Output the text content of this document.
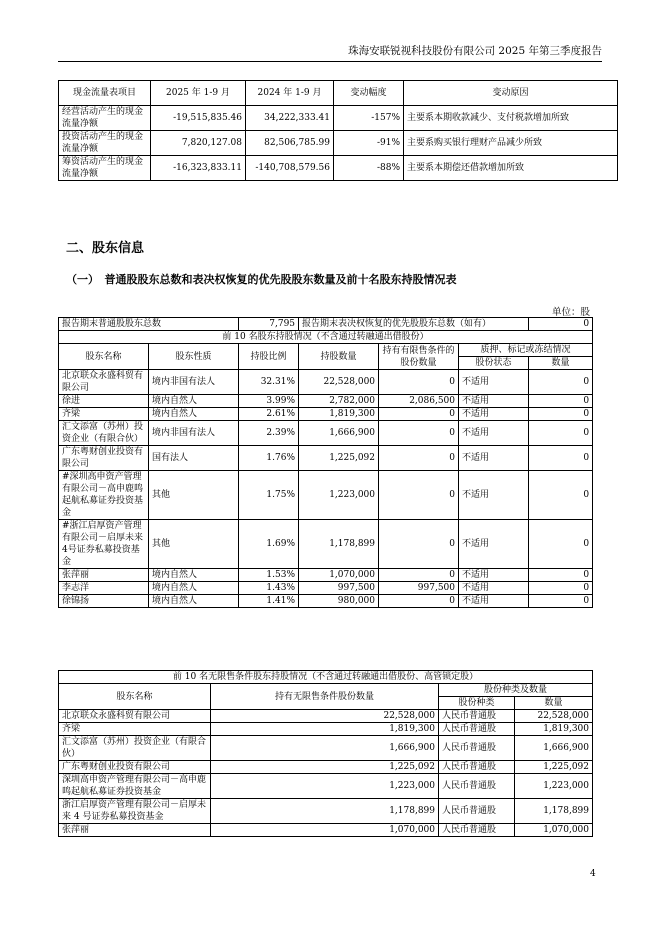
珠海安联锐视科技股份有限公司 2025 年第三季度报告
现金流量表项目	2025 年 1-9 月	2024 年 1-9 月	变动幅度	变动原因
经营活动产生的现金流量净额	-19,515,835.46	34,222,333.41	-157%	主要系本期收款减少、支付税款增加所致
投资活动产生的现金流量净额	7,820,127.08	82,506,785.99	-91%	主要系购买银行理财产品减少所致
筹资活动产生的现金流量净额	-16,323,833.11	-140,708,579.56	-88%	主要系本期偿还借款增加所致
二、股东信息
（一）　普通股股东总数和表决权恢复的优先股股东数量及前十名股东持股情况表
单位：股
报告期末普通股股东总数		7,795	报告期末表决权恢复的优先股股东总数（如有）			0
前 10 名股东持股情况（不含通过转融通出借股份）						
股东名称	股东性质	持股比例	持股数量	持有有限售条件的股份数量	质押、标记或冻结情况	
					股份状态	数量
北京联众永盛科贸有限公司	境内非国有法人	32.31%	22,528,000	0	不适用	0
徐进	境内自然人	3.99%	2,782,000	2,086,500	不适用	0
齐梁	境内自然人	2.61%	1,819,300	0	不适用	0
汇文添富（苏州）投资企业（有限合伙）	境内非国有法人	2.39%	1,666,900	0	不适用	0
广东粤财创业投资有限公司	国有法人	1.76%	1,225,092	0	不适用	0
#深圳高申资产管理有限公司－高申鹿鸣起航私募证券投资基金	其他	1.75%	1,223,000	0	不适用	0
#浙江启厚资产管理有限公司－启厚未来4号证券私募投资基金	其他	1.69%	1,178,899	0	不适用	0
张萍丽	境内自然人	1.53%	1,070,000	0	不适用	0
李志洋	境内自然人	1.43%	997,500	997,500	不适用	0
徐锦扬	境内自然人	1.41%	980,000	0	不适用	0
前 10 名无限售条件股东持股情况（不含通过转融通出借股份、高管锁定股）			
股东名称	持有无限售条件股份数量	股份种类及数量	
		股份种类	数量
北京联众永盛科贸有限公司	22,528,000	人民币普通股	22,528,000
齐梁	1,819,300	人民币普通股	1,819,300
汇文添富（苏州）投资企业（有限合伙）	1,666,900	人民币普通股	1,666,900
广东粤财创业投资有限公司	1,225,092	人民币普通股	1,225,092
深圳高申资产管理有限公司－高申鹿鸣起航私募证券投资基金	1,223,000	人民币普通股	1,223,000
浙江启厚资产管理有限公司－启厚未来 4 号证券私募投资基金	1,178,899	人民币普通股	1,178,899
张萍丽	1,070,000	人民币普通股	1,070,000
4
